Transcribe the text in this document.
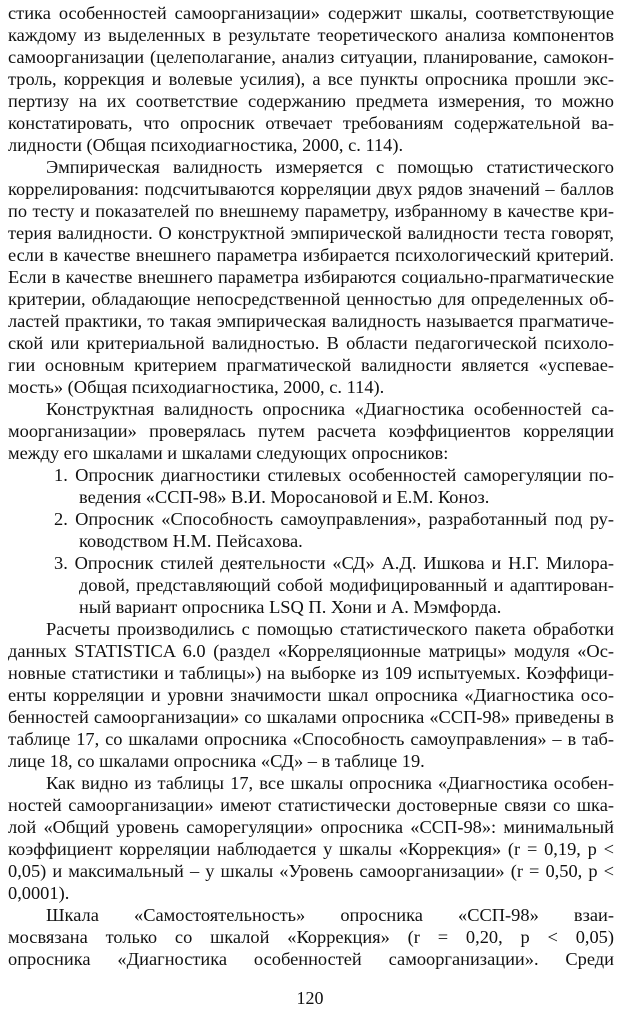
стика особенностей самоорганизации» содержит шкалы, соответствующие
каждому из выделенных в результате теоретического анализа компонентов
самоорганизации (целеполагание, анализ ситуации, планирование, самокон-
троль, коррекция и волевые усилия), а все пункты опросника прошли экс-
пертизу на их соответствие содержанию предмета измерения, то можно
констатировать, что опросник отвечает требованиям содержательной ва-
лидности (Общая психодиагностика, 2000, с. 114).
Эмпирическая валидность измеряется с помощью статистического
коррелирования: подсчитываются корреляции двух рядов значений – баллов
по тесту и показателей по внешнему параметру, избранному в качестве кри-
терия валидности. О конструктной эмпирической валидности теста говорят,
если в качестве внешнего параметра избирается психологический критерий.
Если в качестве внешнего параметра избираются социально-прагматические
критерии, обладающие непосредственной ценностью для определенных об-
ластей практики, то такая эмпирическая валидность называется прагматиче-
ской или критериальной валидностью. В области педагогической психоло-
гии основным критерием прагматической валидности является «успевае-
мость» (Общая психодиагностика, 2000, с. 114).
Конструктная валидность опросника «Диагностика особенностей са-
моорганизации» проверялась путем расчета коэффициентов корреляции
между его шкалами и шкалами следующих опросников:
1. Опросник диагностики стилевых особенностей саморегуляции по-
ведения «ССП-98» В.И. Моросановой и Е.М. Коноз.
2. Опросник «Способность самоуправления», разработанный под ру-
ководством Н.М. Пейсахова.
3. Опросник стилей деятельности «СД» А.Д. Ишкова и Н.Г. Милора-
довой, представляющий собой модифицированный и адаптирован-
ный вариант опросника LSQ П. Хони и А. Мэмфорда.
Расчеты производились с помощью статистического пакета обработки
данных STATISTICA 6.0 (раздел «Корреляционные матрицы» модуля «Ос-
новные статистики и таблицы») на выборке из 109 испытуемых. Коэффици-
енты корреляции и уровни значимости шкал опросника «Диагностика осо-
бенностей самоорганизации» со шкалами опросника «ССП-98» приведены в
таблице 17, со шкалами опросника «Способность самоуправления» – в таб-
лице 18, со шкалами опросника «СД» – в таблице 19.
Как видно из таблицы 17, все шкалы опросника «Диагностика особен-
ностей самоорганизации» имеют статистически достоверные связи со шка-
лой «Общий уровень саморегуляции» опросника «ССП-98»: минимальный
коэффициент корреляции наблюдается у шкалы «Коррекция» (r = 0,19, p <
0,05) и максимальный – у шкалы «Уровень самоорганизации» (r = 0,50, p <
0,0001).
Шкала «Самостоятельность» опросника «ССП-98» взаи-
мосвязана только со шкалой «Коррекция» (r = 0,20, p < 0,05)
опросника «Диагностика особенностей самоорганизации». Среди
120
